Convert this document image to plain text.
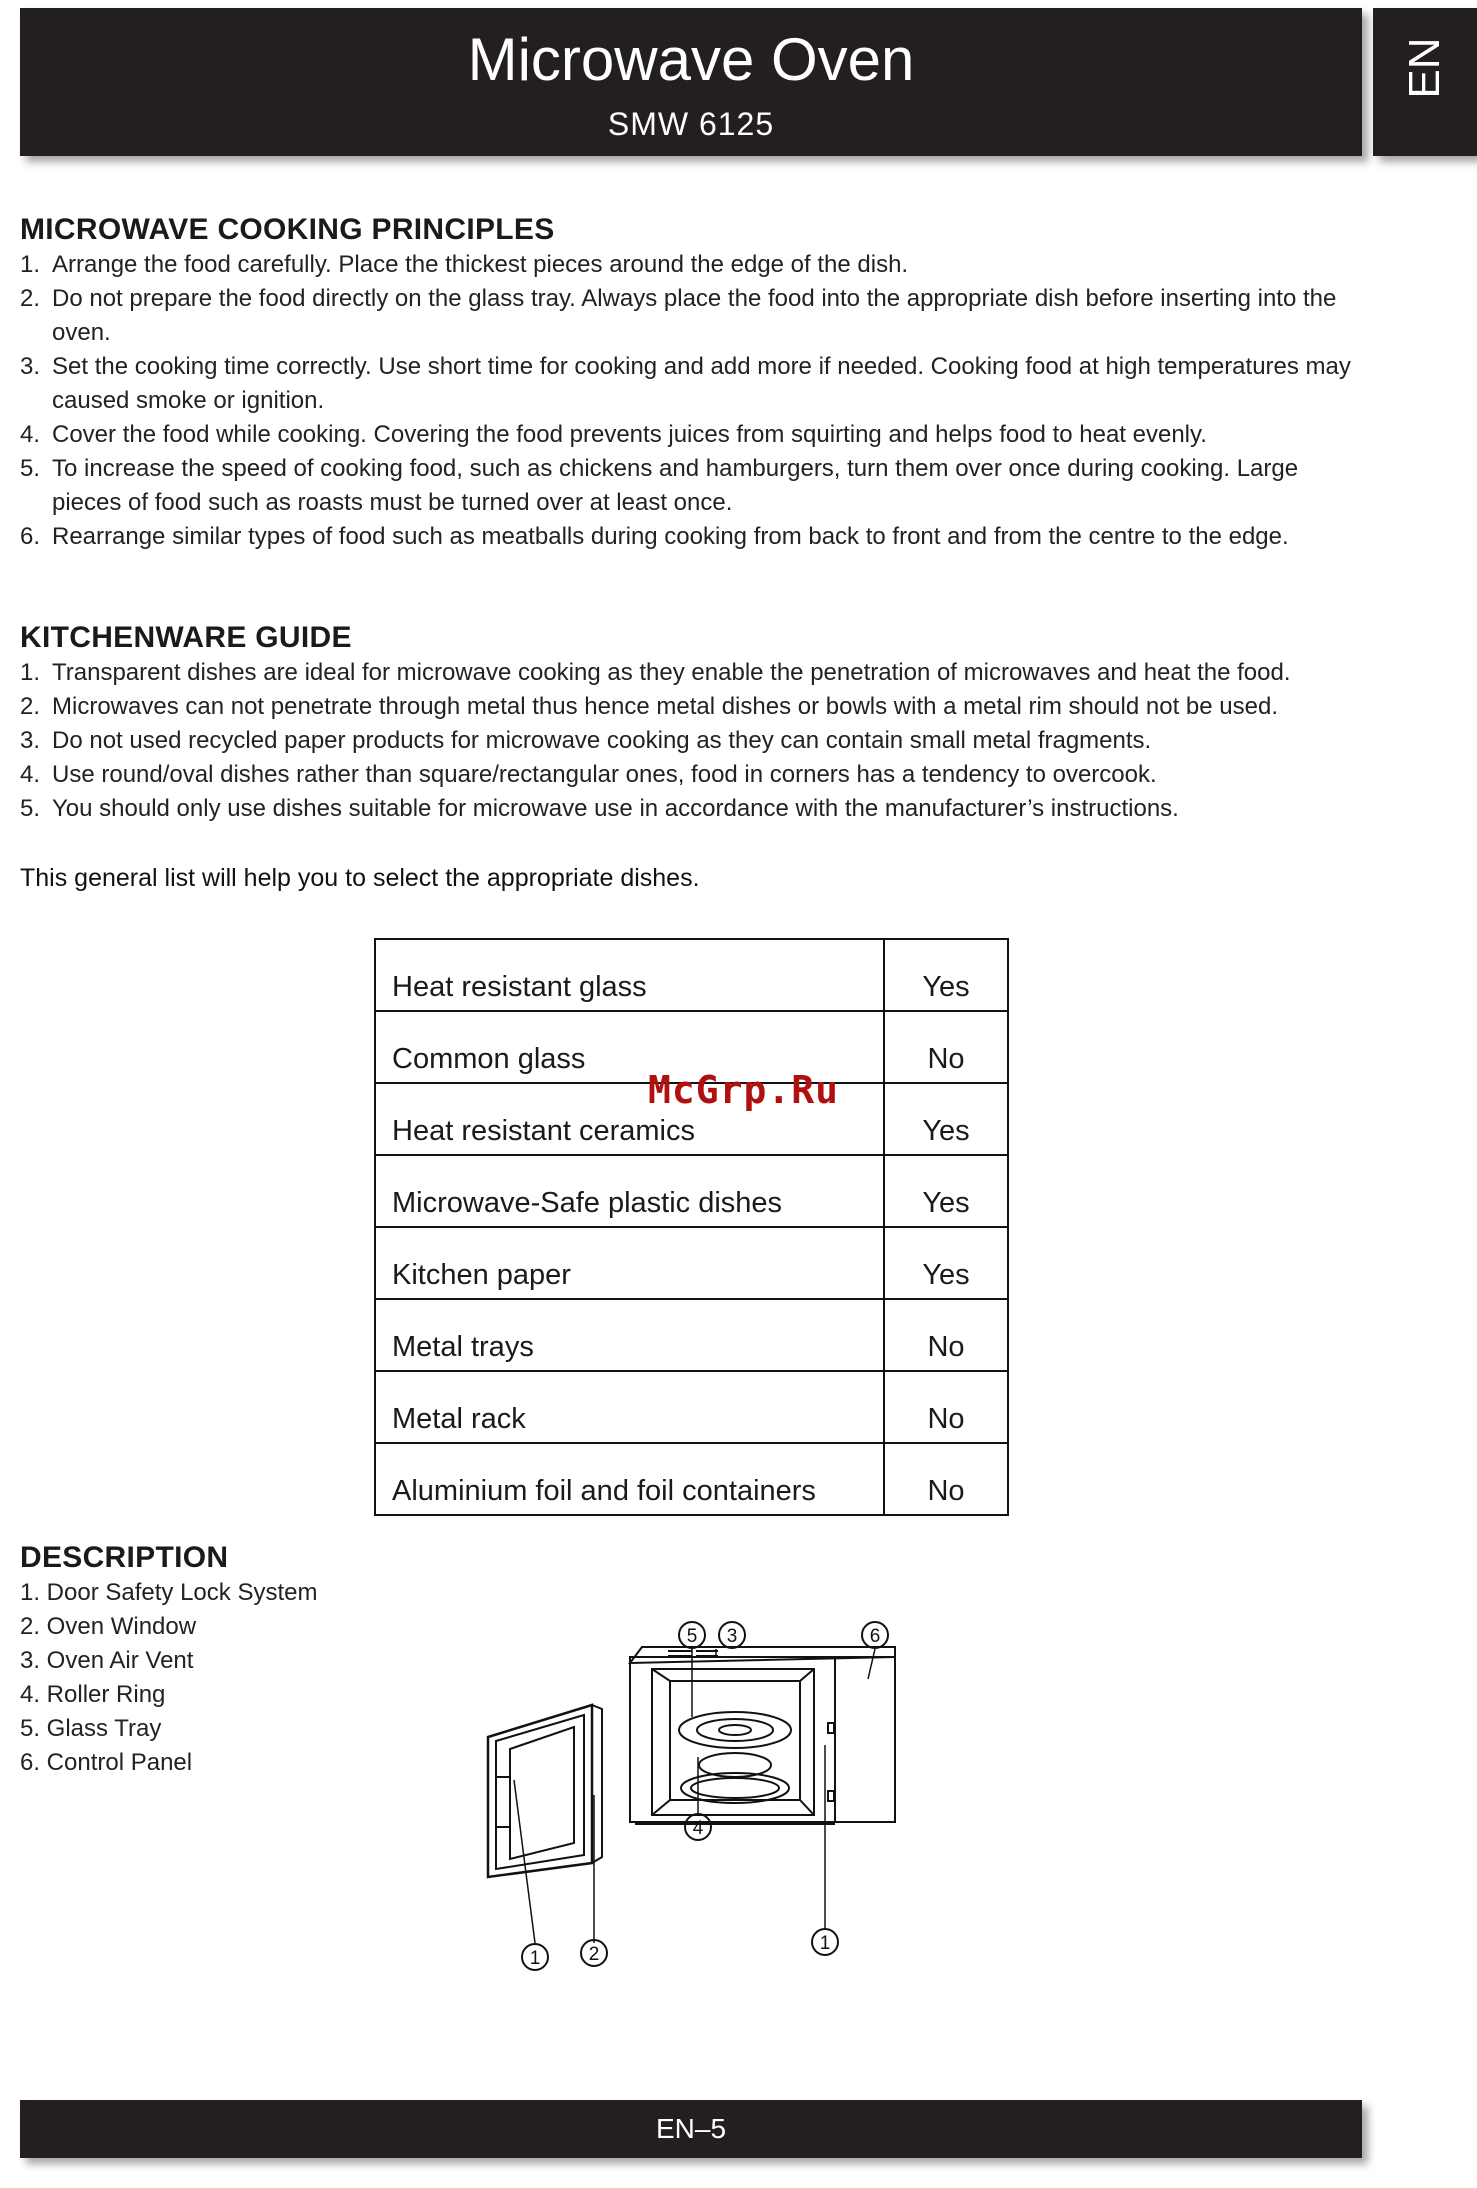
Microwave Oven
SMW 6125
EN
MICROWAVE COOKING PRINCIPLES
1. Arrange the food carefully. Place the thickest pieces around the edge of the dish.
2. Do not prepare the food directly on the glass tray. Always place the food into the appropriate dish before inserting into the oven.
3. Set the cooking time correctly. Use short time for cooking and add more if needed. Cooking food at high temperatures may caused smoke or ignition.
4. Cover the food while cooking. Covering the food prevents juices from squirting and helps food to heat evenly.
5. To increase the speed of cooking food, such as chickens and hamburgers, turn them over once during cooking. Large pieces of food such as roasts must be turned over at least once.
6. Rearrange similar types of food such as meatballs during cooking from back to front and from the centre to the edge.
KITCHENWARE GUIDE
1. Transparent dishes are ideal for microwave cooking as they enable the penetration of microwaves and heat the food.
2. Microwaves can not penetrate through metal thus hence metal dishes or bowls with a metal rim should not be used.
3. Do not used recycled paper products for microwave cooking as they can contain small metal fragments.
4. Use round/oval dishes rather than square/rectangular ones, food in corners has a tendency to overcook.
5. You should only use dishes suitable for microwave use in accordance with the manufacturer’s instructions.
This general list will help you to select the appropriate dishes.
Heat resistant glass	Yes
Common glass	No
Heat resistant ceramics	Yes
Microwave-Safe plastic dishes	Yes
Kitchen paper	Yes
Metal trays	No
Metal rack	No
Aluminium foil and foil containers	No
McGrp.Ru
DESCRIPTION
1. Door Safety Lock System
2. Oven Window
3. Oven Air Vent
4. Roller Ring
5. Glass Tray
6. Control Panel
5 3	6
4
1
1	2
EN–5
